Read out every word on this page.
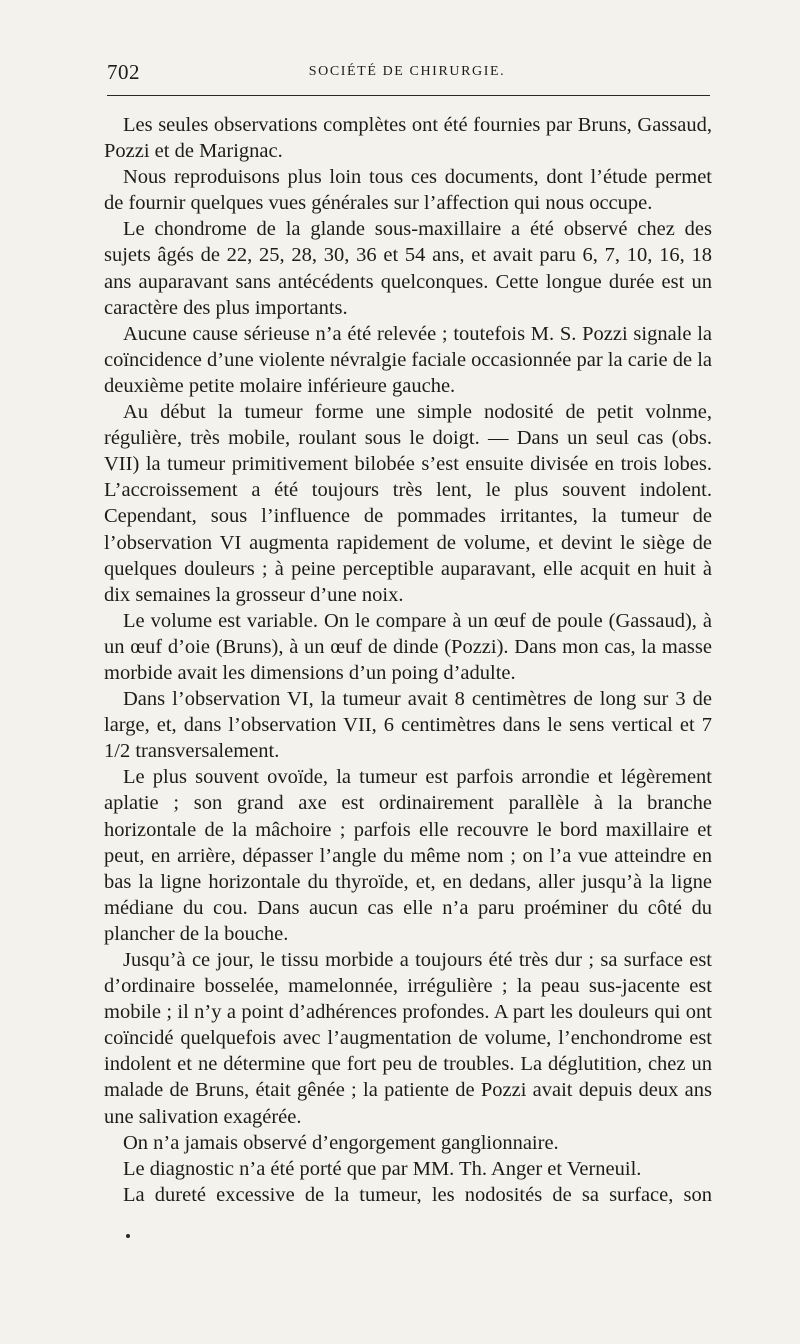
702	SOCIÉTÉ DE CHIRURGIE.

Les seules observations complètes ont été fournies par Bruns, Gassaud, Pozzi et de Marignac.

Nous reproduisons plus loin tous ces documents, dont l’étude permet de fournir quelques vues générales sur l’affection qui nous occupe.

Le chondrome de la glande sous-maxillaire a été observé chez des sujets âgés de 22, 25, 28, 30, 36 et 54 ans, et avait paru 6, 7, 10, 16, 18 ans auparavant sans antécédents quelconques. Cette longue durée est un caractère des plus importants.

Aucune cause sérieuse n’a été relevée ; toutefois M. S. Pozzi signale la coïncidence d’une violente névralgie faciale occasionnée par la carie de la deuxième petite molaire inférieure gauche.

Au début la tumeur forme une simple nodosité de petit volnme, régulière, très mobile, roulant sous le doigt. — Dans un seul cas (obs. VII) la tumeur primitivement bilobée s’est ensuite divisée en trois lobes. L’accroissement a été toujours très lent, le plus souvent indolent. Cependant, sous l’influence de pommades irritantes, la tumeur de l’observation VI augmenta rapidement de volume, et devint le siège de quelques douleurs ; à peine perceptible auparavant, elle acquit en huit à dix semaines la grosseur d’une noix.

Le volume est variable. On le compare à un œuf de poule (Gassaud), à un œuf d’oie (Bruns), à un œuf de dinde (Pozzi). Dans mon cas, la masse morbide avait les dimensions d’un poing d’adulte.

Dans l’observation VI, la tumeur avait 8 centimètres de long sur 3 de large, et, dans l’observation VII, 6 centimètres dans le sens vertical et 7 1/2 transversalement.

Le plus souvent ovoïde, la tumeur est parfois arrondie et légèrement aplatie ; son grand axe est ordinairement parallèle à la branche horizontale de la mâchoire ; parfois elle recouvre le bord maxillaire et peut, en arrière, dépasser l’angle du même nom ; on l’a vue atteindre en bas la ligne horizontale du thyroïde, et, en dedans, aller jusqu’à la ligne médiane du cou. Dans aucun cas elle n’a paru proéminer du côté du plancher de la bouche.

Jusqu’à ce jour, le tissu morbide a toujours été très dur ; sa surface est d’ordinaire bosselée, mamelonnée, irrégulière ; la peau sus-jacente est mobile ; il n’y a point d’adhérences profondes. A part les douleurs qui ont coïncidé quelquefois avec l’augmentation de volume, l’enchondrome est indolent et ne détermine que fort peu de troubles. La déglutition, chez un malade de Bruns, était gênée ; la patiente de Pozzi avait depuis deux ans une salivation exagérée.

On n’a jamais observé d’engorgement ganglionnaire.

Le diagnostic n’a été porté que par MM. Th. Anger et Verneuil.

La dureté excessive de la tumeur, les nodosités de sa surface, son
